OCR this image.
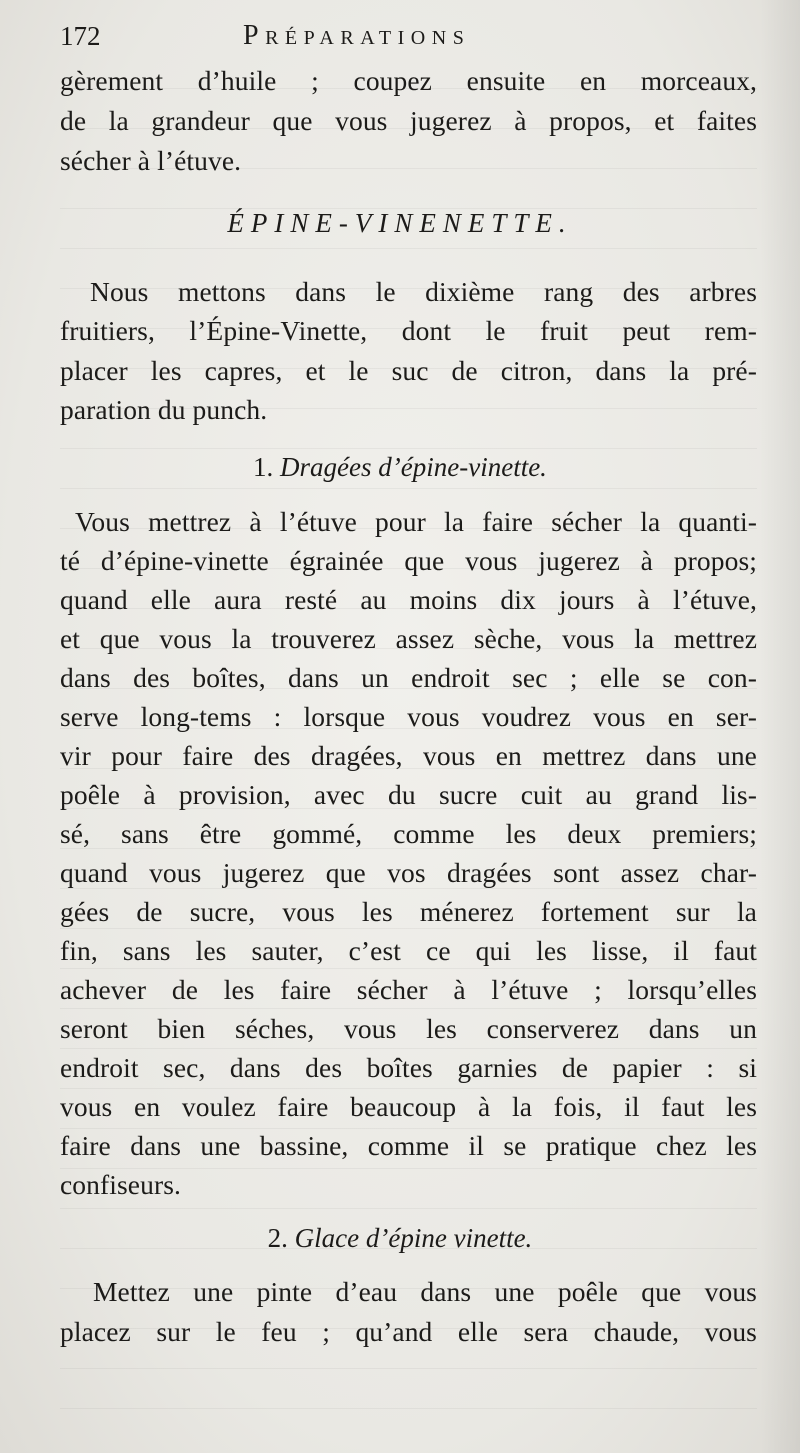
172	Préparations
gèrement d’huile ; coupez ensuite en morceaux,
de la grandeur que vous jugerez à propos, et faites
sécher à l’étuve.
ÉPINE-VINENETTE.
Nous mettons dans le dixième rang des arbres
fruitiers, l’Épine-Vinette, dont le fruit peut rem-
placer les capres, et le suc de citron, dans la pré-
paration du punch.
1. Dragées d’épine-vinette.
Vous mettrez à l’étuve pour la faire sécher la quanti-
té d’épine-vinette égrainée que vous jugerez à propos;
quand elle aura resté au moins dix jours à l’étuve,
et que vous la trouverez assez sèche, vous la mettrez
dans des boîtes, dans un endroit sec ; elle se con-
serve long-tems : lorsque vous voudrez vous en ser-
vir pour faire des dragées, vous en mettrez dans une
poêle à provision, avec du sucre cuit au grand lis-
sé, sans être gommé, comme les deux premiers;
quand vous jugerez que vos dragées sont assez char-
gées de sucre, vous les ménerez fortement sur la
fin, sans les sauter, c’est ce qui les lisse, il faut
achever de les faire sécher à l’étuve ; lorsqu’elles
seront bien séches, vous les conserverez dans un
endroit sec, dans des boîtes garnies de papier : si
vous en voulez faire beaucoup à la fois, il faut les
faire dans une bassine, comme il se pratique chez les
confiseurs.
2. Glace d’épine vinette.
Mettez une pinte d’eau dans une poêle que vous
placez sur le feu ; qu’and elle sera chaude, vous
